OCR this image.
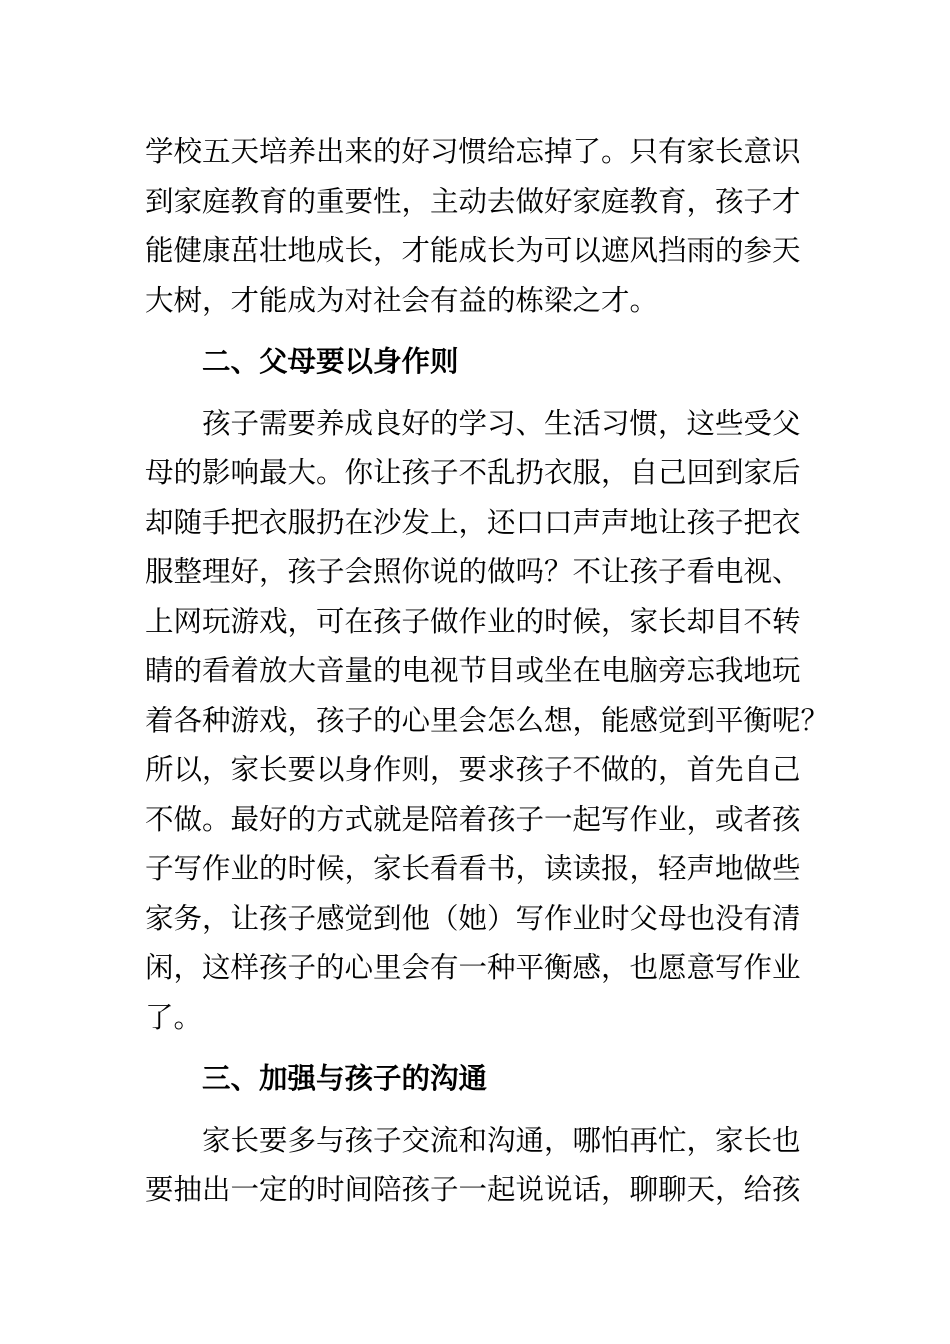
学校五天培养出来的好习惯给忘掉了。只有家长意识
到家庭教育的重要性，主动去做好家庭教育，孩子才
能健康茁壮地成长，才能成长为可以遮风挡雨的参天
大树，才能成为对社会有益的栋梁之才。
二、父母要以身作则
　　孩子需要养成良好的学习、生活习惯，这些受父
母的影响最大。你让孩子不乱扔衣服，自己回到家后
却随手把衣服扔在沙发上，还口口声声地让孩子把衣
服整理好，孩子会照你说的做吗？不让孩子看电视、
上网玩游戏，可在孩子做作业的时候，家长却目不转
睛的看着放大音量的电视节目或坐在电脑旁忘我地玩
着各种游戏，孩子的心里会怎么想，能感觉到平衡呢？
所以，家长要以身作则，要求孩子不做的，首先自己
不做。最好的方式就是陪着孩子一起写作业，或者孩
子写作业的时候，家长看看书，读读报，轻声地做些
家务，让孩子感觉到他（她）写作业时父母也没有清
闲，这样孩子的心里会有一种平衡感，也愿意写作业
了。
三、加强与孩子的沟通
　　家长要多与孩子交流和沟通，哪怕再忙，家长也
要抽出一定的时间陪孩子一起说说话，聊聊天，给孩
